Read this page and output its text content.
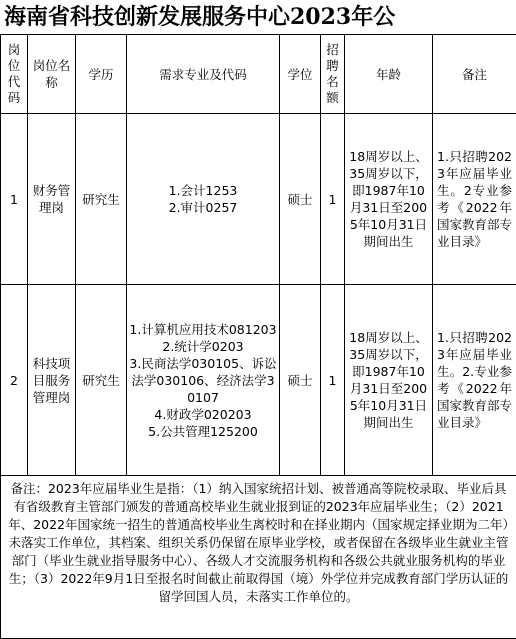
海南省科技创新发展服务中心2023年公
岗位代码	岗位名称	学历	需求专业及代码	学位	招聘名额	年龄	备注
1	财务管理岗	研究生	1.会计1253
2.审计0257	硕士	1	18周岁以上、35周岁以下，即1987年10月31日至2005年10月31日期间出生	1.只招聘2023年应届毕业生。2专业参考《2022年国家教育部专业目录》
2	科技项目服务管理岗	研究生	1.计算机应用技术081203
2.统计学0203
3.民商法学030105、诉讼法学030106、经济法学30107
4.财政学020203
5.公共管理125200	硕士	1	18周岁以上、35周岁以下，即1987年10月31日至2005年10月31日期间出生	1.只招聘2023年应届毕业生。2.专业参考《2022年国家教育部专业目录》
备注：2023年应届毕业生是指：（1）纳入国家统招计划、被普通高等院校录取、毕业后具有省级教育主管部门颁发的普通高校毕业生就业报到证的2023年应届毕业生；（2）2021年、2022年国家统一招生的普通高校毕业生离校时和在择业期内（国家规定择业期为二年）未落实工作单位，其档案、组织关系仍保留在原毕业学校，或者保留在各级毕业生就业主管部门（毕业生就业指导服务中心）、各级人才交流服务机构和各级公共就业服务机构的毕业生；（3）2022年9月1日至报名时间截止前取得国（境）外学位并完成教育部门学历认证的留学回国人员，未落实工作单位的。							
